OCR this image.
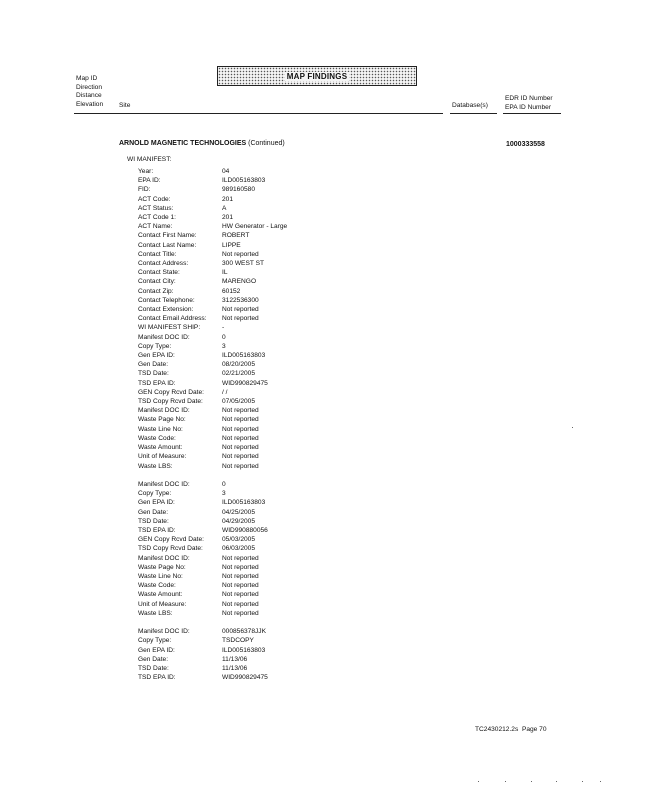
Map ID
Direction
Distance
Elevation Site
MAP FINDINGS
Database(s)
EDR ID Number
EPA ID Number
ARNOLD MAGNETIC TECHNOLOGIES (Continued)	1000333558
WI MANIFEST:
Year:	04
EPA ID:	ILD005163803
FID:	989160580
ACT Code:	201
ACT Status:	A
ACT Code 1:	201
ACT Name:	HW Generator - Large
Contact First Name:	ROBERT
Contact Last Name:	LIPPE
Contact Title:	Not reported
Contact Address:	300 WEST ST
Contact State:	IL
Contact City:	MARENGO
Contact Zip:	60152
Contact Telephone:	3122536300
Contact Extension:	Not reported
Contact Email Address:	Not reported
WI MANIFEST SHIP:	-
Manifest DOC ID:	0
Copy Type:	3
Gen EPA ID:	ILD005163803
Gen Date:	08/20/2005
TSD Date:	02/21/2005
TSD EPA ID:	WID990829475
GEN Copy Rcvd Date:	/ /
TSD Copy Rcvd Date:	07/05/2005
Manifest DOC ID:	Not reported
Waste Page No:	Not reported
Waste Line No:	Not reported
Waste Code:	Not reported
Waste Amount:	Not reported
Unit of Measure:	Not reported
Waste LBS:	Not reported

Manifest DOC ID:	0
Copy Type:	3
Gen EPA ID:	ILD005163803
Gen Date:	04/25/2005
TSD Date:	04/29/2005
TSD EPA ID:	WID990880056
GEN Copy Rcvd Date:	05/03/2005
TSD Copy Rcvd Date:	06/03/2005
Manifest DOC ID:	Not reported
Waste Page No:	Not reported
Waste Line No:	Not reported
Waste Code:	Not reported
Waste Amount:	Not reported
Unit of Measure:	Not reported
Waste LBS:	Not reported

Manifest DOC ID:	000856378JJK
Copy Type:	TSDCOPY
Gen EPA ID:	ILD005163803
Gen Date:	11/13/06
TSD Date:	11/13/06
TSD EPA ID:	WID990829475
TC2430212.2s Page 70
